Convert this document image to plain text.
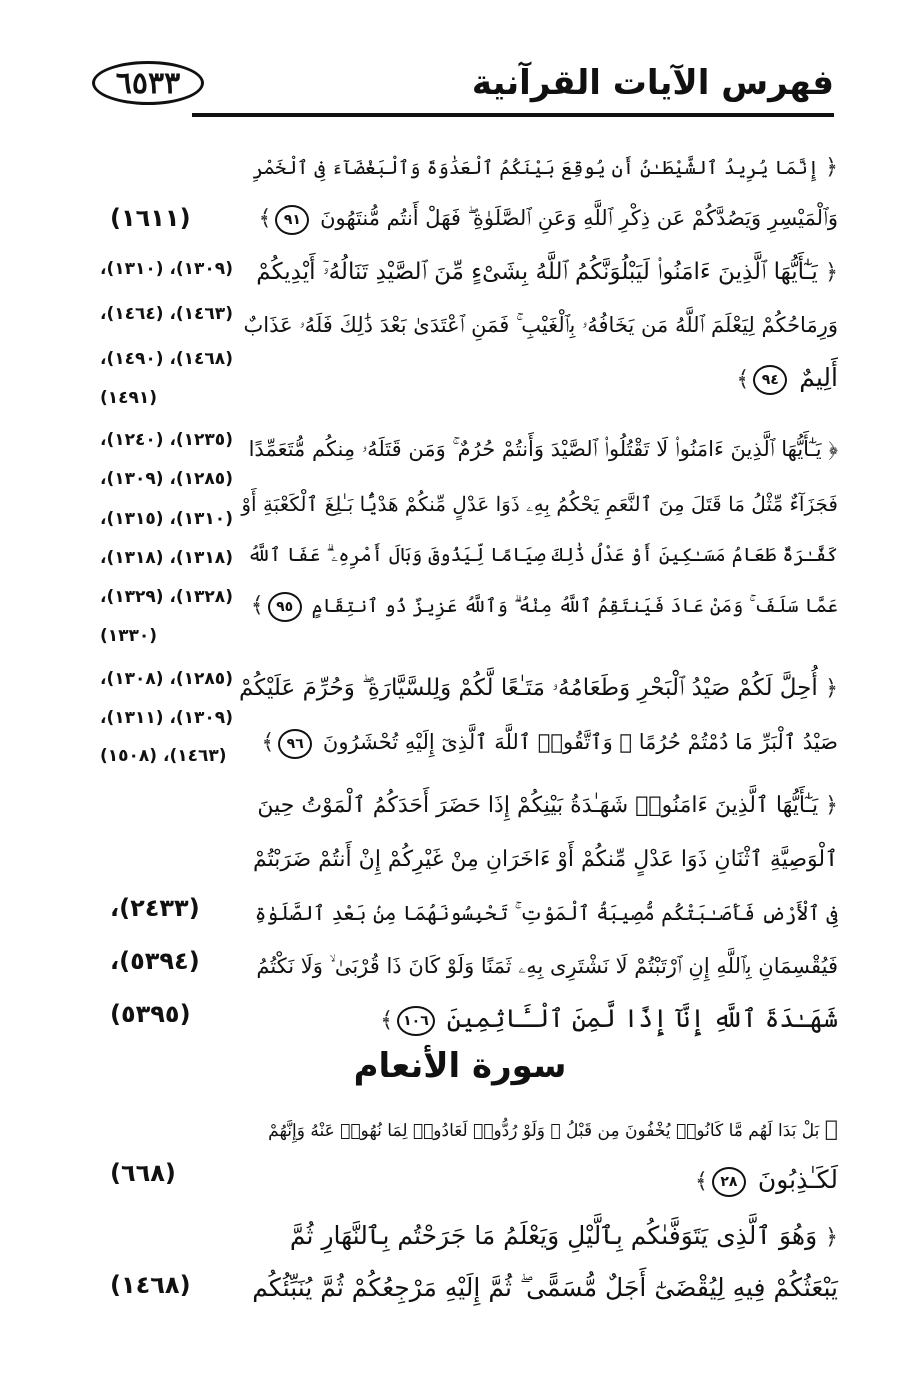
٦٥٣٣	فهرس الآيات القرآنية
﴿ إِنَّمَا يُرِيدُ ٱلشَّيْطَـٰنُ أَن يُوقِعَ بَيْنَكُمُ ٱلْعَدَٰوَةَ وَٱلْبَغْضَآءَ فِى ٱلْخَمْرِ
وَٱلْمَيْسِرِ وَيَصُدَّكُمْ عَن ذِكْرِ ٱللَّهِ وَعَنِ ٱلصَّلَوٰةِ ۖ فَهَلْ أَنتُم مُّنتَهُونَ ٩١﴾
(١٦١١)
﴿ يَـٰٓأَيُّهَا ٱلَّذِينَ ءَامَنُوا۟ لَيَبْلُوَنَّكُمُ ٱللَّهُ بِشَىْءٍ مِّنَ ٱلصَّيْدِ تَنَالُهُۥٓ أَيْدِيكُمْ
وَرِمَاحُكُمْ لِيَعْلَمَ ٱللَّهُ مَن يَخَافُهُۥ بِٱلْغَيْبِ ۚ فَمَنِ ٱعْتَدَىٰ بَعْدَ ذَٰلِكَ فَلَهُۥ عَذَابٌ
أَلِيمٌ ٩٤﴾
(١٣٠٩)، (١٣١٠)،
(١٤٦٣)، (١٤٦٤)،
(١٤٦٨)، (١٤٩٠)،
(١٤٩١)
﴿ يَـٰٓأَيُّهَا ٱلَّذِينَ ءَامَنُوا۟ لَا تَقْتُلُوا۟ ٱلصَّيْدَ وَأَنتُمْ حُرُمٌ ۚ وَمَن قَتَلَهُۥ مِنكُم مُّتَعَمِّدًا
فَجَزَآءٌ مِّثْلُ مَا قَتَلَ مِنَ ٱلنَّعَمِ يَحْكُمُ بِهِۦ ذَوَا عَدْلٍ مِّنكُمْ هَدْيًۢا بَـٰلِغَ ٱلْكَعْبَةِ أَوْ
كَفَّـٰرَةٌ طَعَامُ مَسَـٰكِينَ أَوْ عَدْلُ ذَٰلِكَ صِيَامًا لِّيَذُوقَ وَبَالَ أَمْرِهِۦ ۗ عَفَا ٱللَّهُ
عَمَّا سَلَفَ ۚ وَمَنْ عَادَ فَيَنتَقِمُ ٱللَّهُ مِنْهُ ۗ وَٱللَّهُ عَزِيزٌ ذُو ٱنتِقَامٍ ٩٥﴾
(١٢٣٥)، (١٢٤٠)،
(١٢٨٥)، (١٣٠٩)،
(١٣١٠)، (١٣١٥)،
(١٣١٨)، (١٣١٨)،
(١٣٢٨)، (١٣٢٩)،
(١٣٣٠)
﴿ أُحِلَّ لَكُمْ صَيْدُ ٱلْبَحْرِ وَطَعَامُهُۥ مَتَـٰعًا لَّكُمْ وَلِلسَّيَّارَةِ ۖ وَحُرِّمَ عَلَيْكُمْ
صَيْدُ ٱلْبَرِّ مَا دُمْتُمْ حُرُمًا ۗ وَٱتَّقُوا۟ ٱللَّهَ ٱلَّذِىٓ إِلَيْهِ تُحْشَرُونَ ٩٦﴾
(١٢٨٥)، (١٣٠٨)،
(١٣٠٩)، (١٣١١)،
(١٤٦٣)، (١٥٠٨)
﴿ يَـٰٓأَيُّهَا ٱلَّذِينَ ءَامَنُوا۟ شَهَـٰدَةُ بَيْنِكُمْ إِذَا حَضَرَ أَحَدَكُمُ ٱلْمَوْتُ حِينَ
ٱلْوَصِيَّةِ ٱثْنَانِ ذَوَا عَدْلٍ مِّنكُمْ أَوْ ءَاخَرَانِ مِنْ غَيْرِكُمْ إِنْ أَنتُمْ ضَرَبْتُمْ
فِى ٱلْأَرْضِ فَأَصَـٰبَتْكُم مُّصِيبَةُ ٱلْمَوْتِ ۚ تَحْبِسُونَهُمَا مِنۢ بَعْدِ ٱلصَّلَوٰةِ
فَيُقْسِمَانِ بِٱللَّهِ إِنِ ٱرْتَبْتُمْ لَا نَشْتَرِى بِهِۦ ثَمَنًا وَلَوْ كَانَ ذَا قُرْبَىٰ ۙ وَلَا نَكْتُمُ
شَهَـٰدَةَ ٱللَّهِ إِنَّآ إِذًا لَّمِنَ ٱلْـَٔاثِمِينَ ١٠٦﴾
(٢٤٣٣)،
(٥٣٩٤)،
(٥٣٩٥)
سورة الأنعام
﴿ بَلْ بَدَا لَهُم مَّا كَانُوا۟ يُخْفُونَ مِن قَبْلُ ۖ وَلَوْ رُدُّوا۟ لَعَادُوا۟ لِمَا نُهُوا۟ عَنْهُ وَإِنَّهُمْ
لَكَـٰذِبُونَ ٢٨﴾
(٦٦٨)
﴿ وَهُوَ ٱلَّذِى يَتَوَفَّىٰكُم بِٱلَّيْلِ وَيَعْلَمُ مَا جَرَحْتُم بِٱلنَّهَارِ ثُمَّ
يَبْعَثُكُمْ فِيهِ لِيُقْضَىٰٓ أَجَلٌ مُّسَمًّى ۖ ثُمَّ إِلَيْهِ مَرْجِعُكُمْ ثُمَّ يُنَبِّئُكُم
(١٤٦٨)
